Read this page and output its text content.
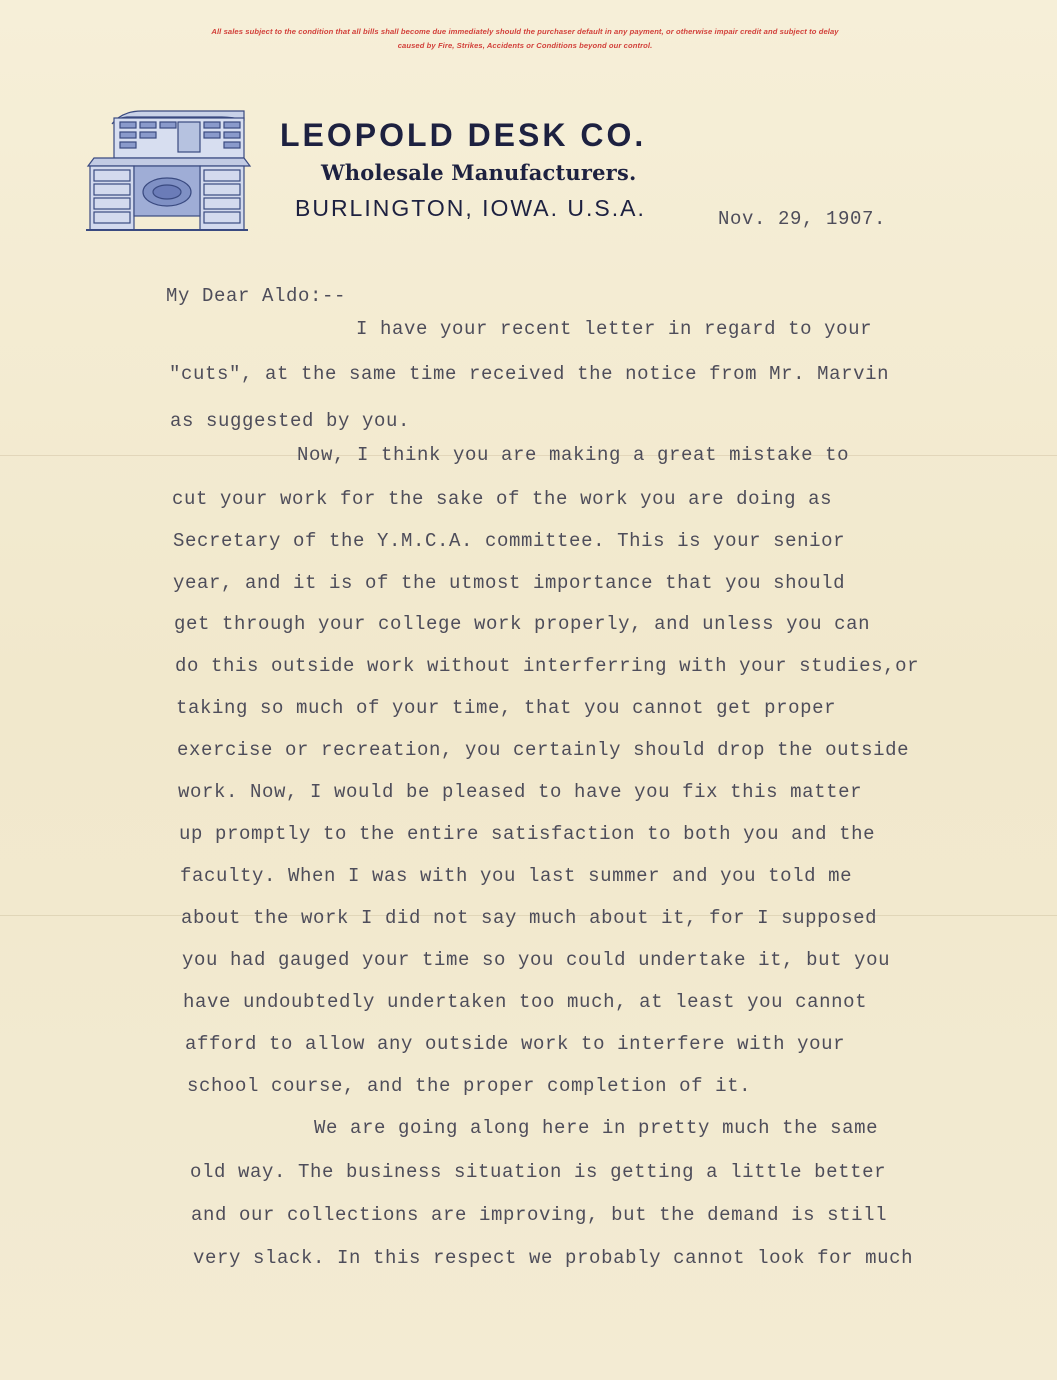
All sales subject to the condition that all bills shall become due immediately should the purchaser default in any payment, or otherwise impair credit and subject to delay
caused by Fire, Strikes, Accidents or Conditions beyond our control.
LEOPOLD DESK CO.
Wholesale Manufacturers.
BURLINGTON, IOWA. U.S.A.	Nov. 29, 1907.
My Dear Aldo:--
I have your recent letter in regard to your
"cuts", at the same time received the notice from Mr. Marvin
as suggested by you.
Now, I think you are making a great mistake to
cut your work for the sake of the work you are doing as
Secretary of the Y.M.C.A. committee. This is your senior
year, and it is of the utmost importance that you should
get through your college work properly, and unless you can
do this outside work without interferring with your studies,or
taking so much of your time, that you cannot get proper
exercise or recreation, you certainly should drop the outside
work. Now, I would be pleased to have you fix this matter
up promptly to the entire satisfaction to both you and the
faculty. When I was with you last summer and you told me
about the work I did not say much about it, for I supposed
you had gauged your time so you could undertake it, but you
have undoubtedly undertaken too much, at least you cannot
afford to allow any outside work to interfere with your
school course, and the proper completion of it.
We are going along here in pretty much the same
old way. The business situation is getting a little better
and our collections are improving, but the demand is still
very slack. In this respect we probably cannot look for much
